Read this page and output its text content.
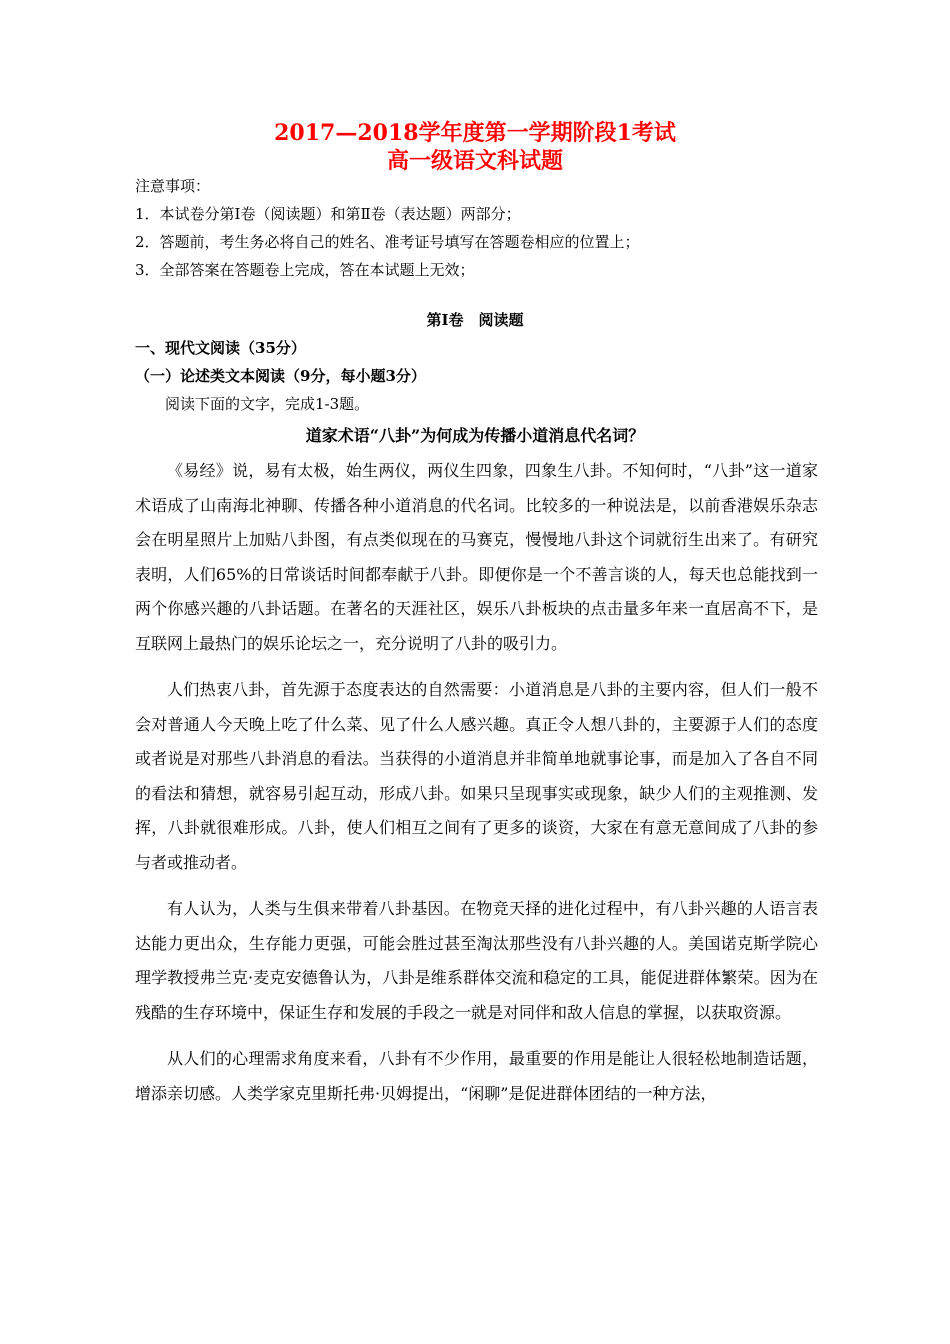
2017—2018学年度第一学期阶段1考试
高一级语文科试题
注意事项：
1．本试卷分第Ⅰ卷（阅读题）和第Ⅱ卷（表达题）两部分；
2．答题前，考生务必将自己的姓名、准考证号填写在答题卷相应的位置上；
3．全部答案在答题卷上完成，答在本试题上无效；
第Ⅰ卷　阅读题
一、现代文阅读（35分）
（一）论述类文本阅读（9分，每小题3分）
阅读下面的文字，完成1-3题。
道家术语“八卦”为何成为传播小道消息代名词？

《易经》说，易有太极，始生两仪，两仪生四象，四象生八卦。不知何时，“八卦”这一道家术语成了山南海北神聊、传播各种小道消息的代名词。比较多的一种说法是，以前香港娱乐杂志会在明星照片上加贴八卦图，有点类似现在的马赛克，慢慢地八卦这个词就衍生出来了。有研究表明，人们65%的日常谈话时间都奉献于八卦。即便你是一个不善言谈的人，每天也总能找到一两个你感兴趣的八卦话题。在著名的天涯社区，娱乐八卦板块的点击量多年来一直居高不下，是互联网上最热门的娱乐论坛之一，充分说明了八卦的吸引力。

人们热衷八卦，首先源于态度表达的自然需要：小道消息是八卦的主要内容，但人们一般不会对普通人今天晚上吃了什么菜、见了什么人感兴趣。真正令人想八卦的，主要源于人们的态度或者说是对那些八卦消息的看法。当获得的小道消息并非简单地就事论事，而是加入了各自不同的看法和猜想，就容易引起互动，形成八卦。如果只呈现事实或现象，缺少人们的主观推测、发挥，八卦就很难形成。八卦，使人们相互之间有了更多的谈资，大家在有意无意间成了八卦的参与者或推动者。

有人认为，人类与生俱来带着八卦基因。在物竞天择的进化过程中，有八卦兴趣的人语言表达能力更出众，生存能力更强，可能会胜过甚至淘汰那些没有八卦兴趣的人。美国诺克斯学院心理学教授弗兰克·麦克安德鲁认为，八卦是维系群体交流和稳定的工具，能促进群体繁荣。因为在残酷的生存环境中，保证生存和发展的手段之一就是对同伴和敌人信息的掌握，以获取资源。

从人们的心理需求角度来看，八卦有不少作用，最重要的作用是能让人很轻松地制造话题，增添亲切感。人类学家克里斯托弗·贝姆提出，“闲聊”是促进群体团结的一种方法，
